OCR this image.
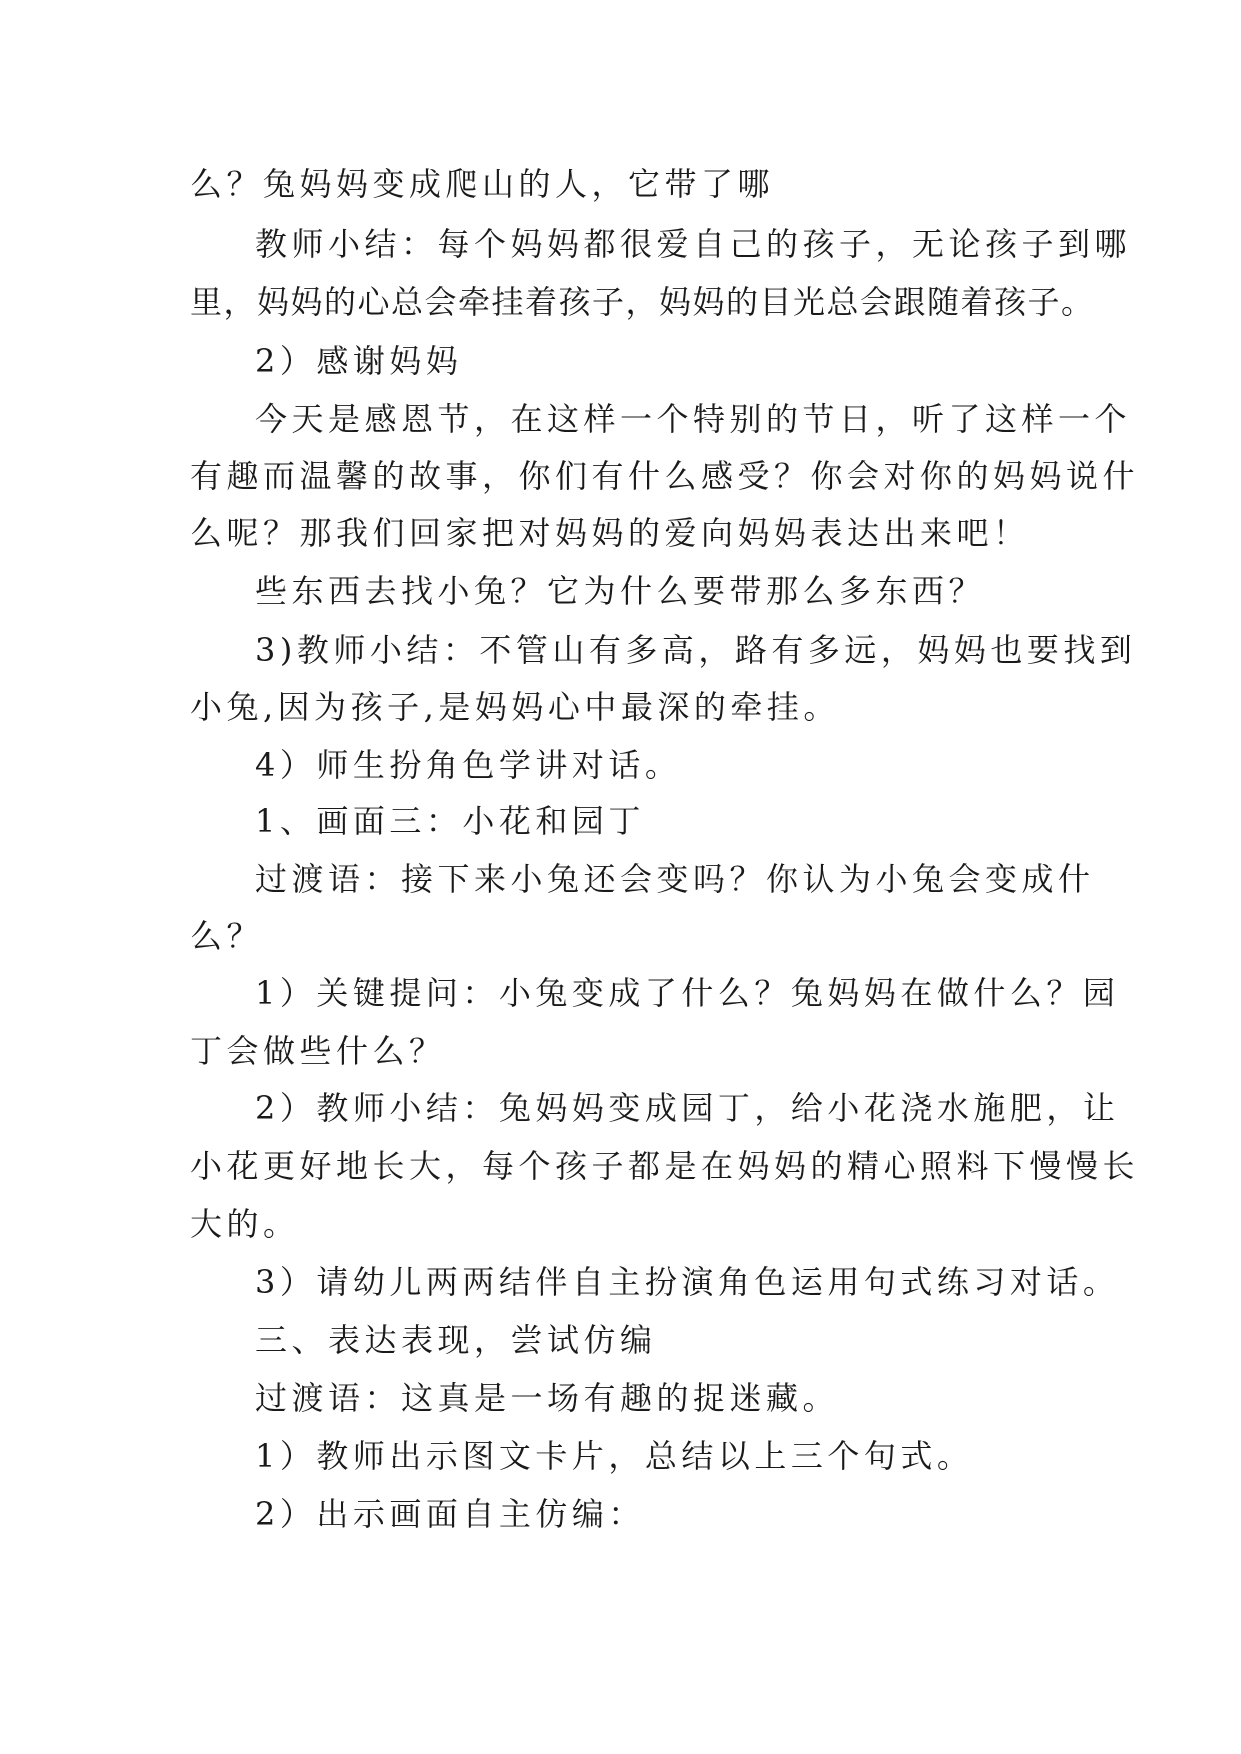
么？兔妈妈变成爬山的人，它带了哪
教师小结：每个妈妈都很爱自己的孩子，无论孩子到哪
里，妈妈的心总会牵挂着孩子，妈妈的目光总会跟随着孩子。
2）感谢妈妈
今天是感恩节，在这样一个特别的节日，听了这样一个
有趣而温馨的故事，你们有什么感受？你会对你的妈妈说什
么呢？那我们回家把对妈妈的爱向妈妈表达出来吧！
些东西去找小兔？它为什么要带那么多东西？
3)教师小结：不管山有多高，路有多远，妈妈也要找到
小兔,因为孩子,是妈妈心中最深的牵挂。
4）师生扮角色学讲对话。
1、画面三：小花和园丁
过渡语：接下来小兔还会变吗？你认为小兔会变成什
么？
1）关键提问：小兔变成了什么？兔妈妈在做什么？园
丁会做些什么？
2）教师小结：兔妈妈变成园丁，给小花浇水施肥，让
小花更好地长大，每个孩子都是在妈妈的精心照料下慢慢长
大的。
3）请幼儿两两结伴自主扮演角色运用句式练习对话。
三、表达表现，尝试仿编
过渡语：这真是一场有趣的捉迷藏。
1）教师出示图文卡片，总结以上三个句式。
2）出示画面自主仿编：
